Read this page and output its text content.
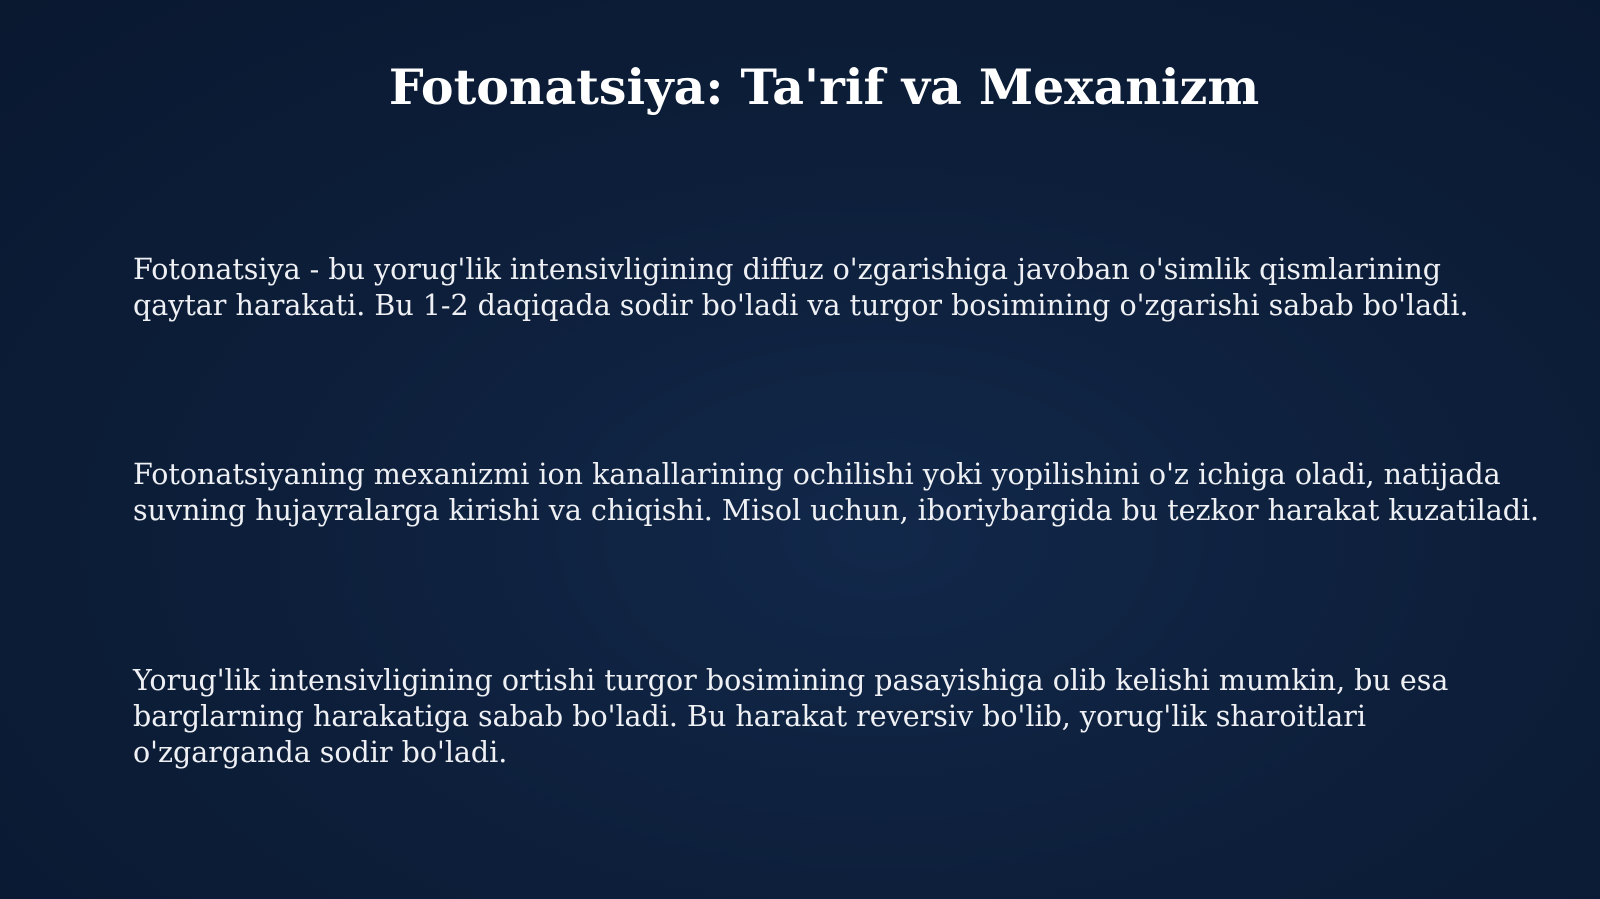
Fotonatsiya: Ta'rif va Mexanizm

Fotonatsiya - bu yorug'lik intensivligining diffuz o'zgarishiga javoban o'simlik qismlarining qaytar harakati. Bu 1-2 daqiqada sodir bo'ladi va turgor bosimining o'zgarishi sabab bo'ladi.

Fotonatsiyaning mexanizmi ion kanallarining ochilishi yoki yopilishini o'z ichiga oladi, natijada suvning hujayralarga kirishi va chiqishi. Misol uchun, iboriybargida bu tezkor harakat kuzatiladi.

Yorug'lik intensivligining ortishi turgor bosimining pasayishiga olib kelishi mumkin, bu esa barglarning harakatiga sabab bo'ladi. Bu harakat reversiv bo'lib, yorug'lik sharoitlari o'zgarganda sodir bo'ladi.
